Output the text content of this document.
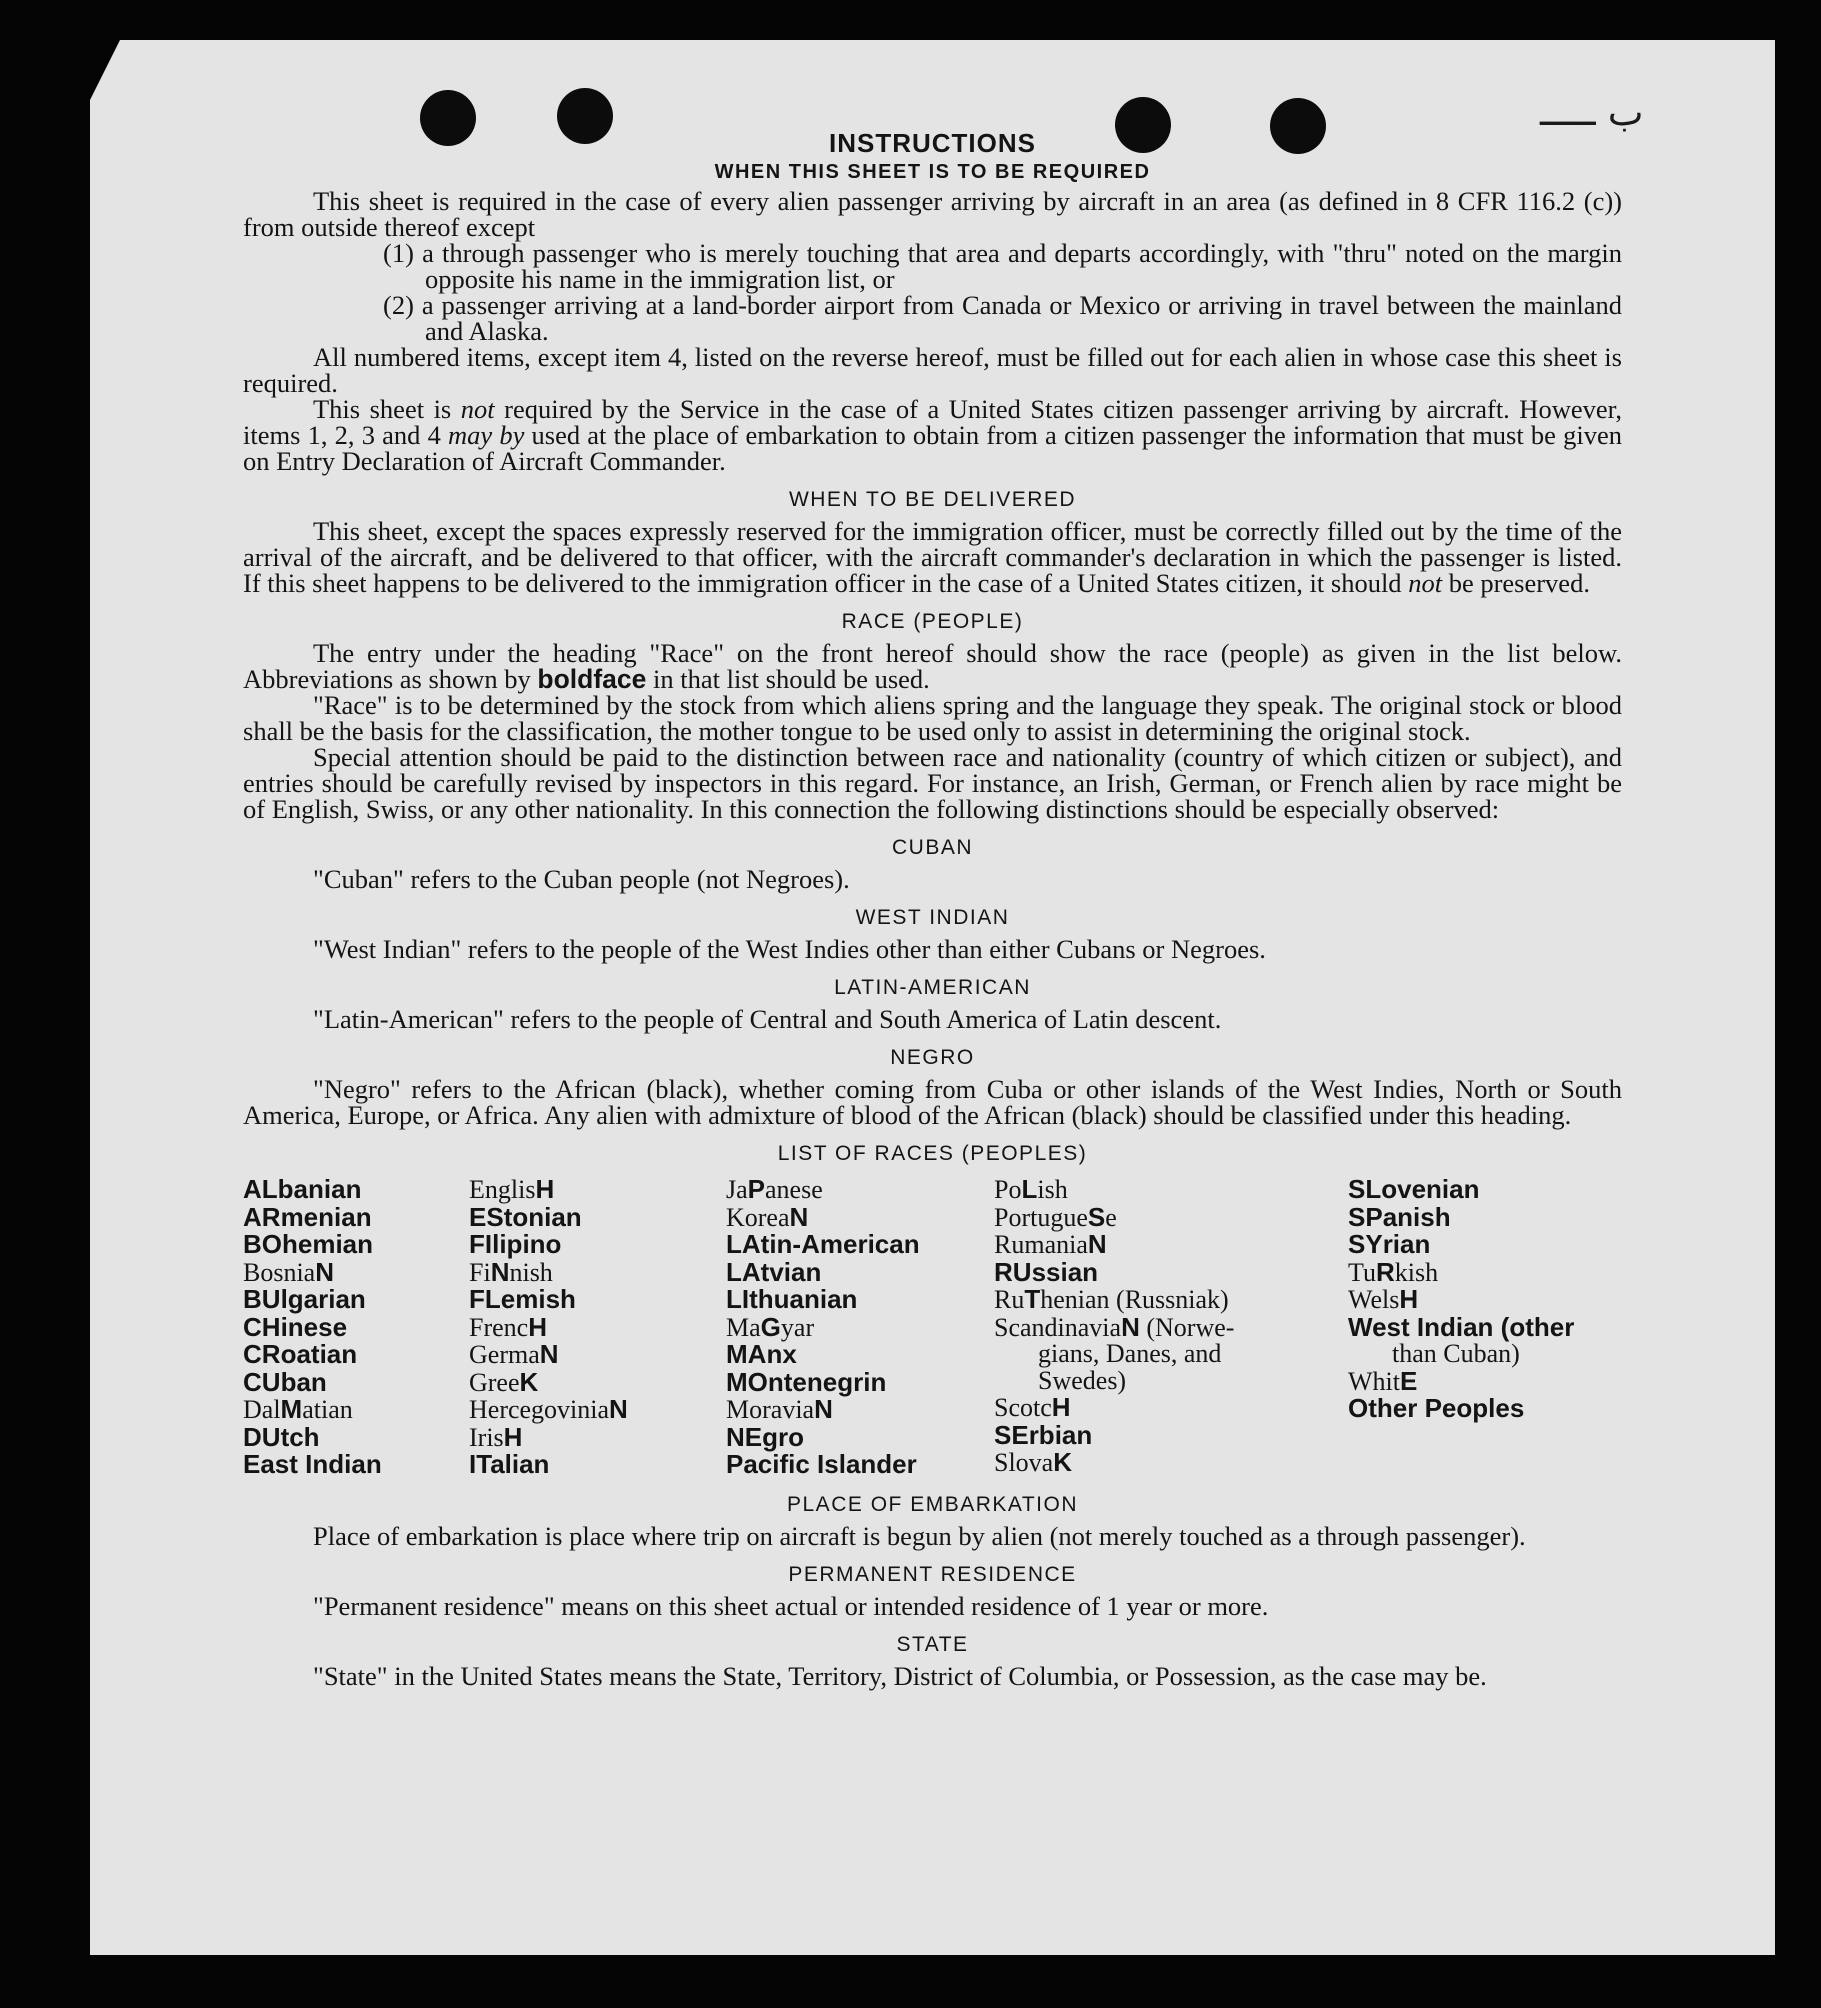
ب ـــــ
INSTRUCTIONS
WHEN THIS SHEET IS TO BE REQUIRED

This sheet is required in the case of every alien passenger arriving by aircraft in an area (as defined in 8 CFR 116.2 (c)) from outside thereof except

(1) a through passenger who is merely touching that area and departs accordingly, with "thru" noted on the margin opposite his name in the immigration list, or

(2) a passenger arriving at a land-border airport from Canada or Mexico or arriving in travel between the mainland and Alaska.

All numbered items, except item 4, listed on the reverse hereof, must be filled out for each alien in whose case this sheet is required.

This sheet is not required by the Service in the case of a United States citizen passenger arriving by aircraft. However, items 1, 2, 3 and 4 may by used at the place of embarkation to obtain from a citizen passenger the information that must be given on Entry Declaration of Aircraft Commander.

WHEN TO BE DELIVERED

This sheet, except the spaces expressly reserved for the immigration officer, must be correctly filled out by the time of the arrival of the aircraft, and be delivered to that officer, with the aircraft commander's declaration in which the passenger is listed. If this sheet happens to be delivered to the immigration officer in the case of a United States citizen, it should not be preserved.

RACE (PEOPLE)

The entry under the heading "Race" on the front hereof should show the race (people) as given in the list below. Abbreviations as shown by boldface in that list should be used.

"Race" is to be determined by the stock from which aliens spring and the language they speak. The original stock or blood shall be the basis for the classification, the mother tongue to be used only to assist in determining the original stock.

Special attention should be paid to the distinction between race and nationality (country of which citizen or subject), and entries should be carefully revised by inspectors in this regard. For instance, an Irish, German, or French alien by race might be of English, Swiss, or any other nationality. In this connection the following distinctions should be especially observed:

CUBAN

"Cuban" refers to the Cuban people (not Negroes).

WEST INDIAN

"West Indian" refers to the people of the West Indies other than either Cubans or Negroes.

LATIN-AMERICAN

"Latin-American" refers to the people of Central and South America of Latin descent.

NEGRO

"Negro" refers to the African (black), whether coming from Cuba or other islands of the West Indies, North or South America, Europe, or Africa. Any alien with admixture of blood of the African (black) should be classified under this heading.

LIST OF RACES (PEOPLES)
ALbanian
ARmenian
BOhemian
BosniaN
BUlgarian
CHinese
CRoatian
CUban
DalMatian
DUtch
East Indian
EnglisH
EStonian
FIlipino
FiNnish
FLemish
FrencH
GermaN
GreeK
HercegoviniaN
IrisH
ITalian
JaPanese
KoreaN
LAtin-American
LAtvian
LIthuanian
MaGyar
MAnx
MOntenegrin
MoraviaN
NEgro
Pacific Islander
PoLish
PortugueSe
RumaniaN
RUssian
RuThenian (Russniak)
ScandinaviaN (Norwe-
gians, Danes, and
Swedes)
ScotcH
SErbian
SlovaK
SLovenian
SPanish
SYrian
TuRkish
WelsH
West Indian (other
than Cuban)
WhitE
Other Peoples
PLACE OF EMBARKATION

Place of embarkation is place where trip on aircraft is begun by alien (not merely touched as a through passenger).

PERMANENT RESIDENCE

"Permanent residence" means on this sheet actual or intended residence of 1 year or more.

STATE

"State" in the United States means the State, Territory, District of Columbia, or Possession, as the case may be.
